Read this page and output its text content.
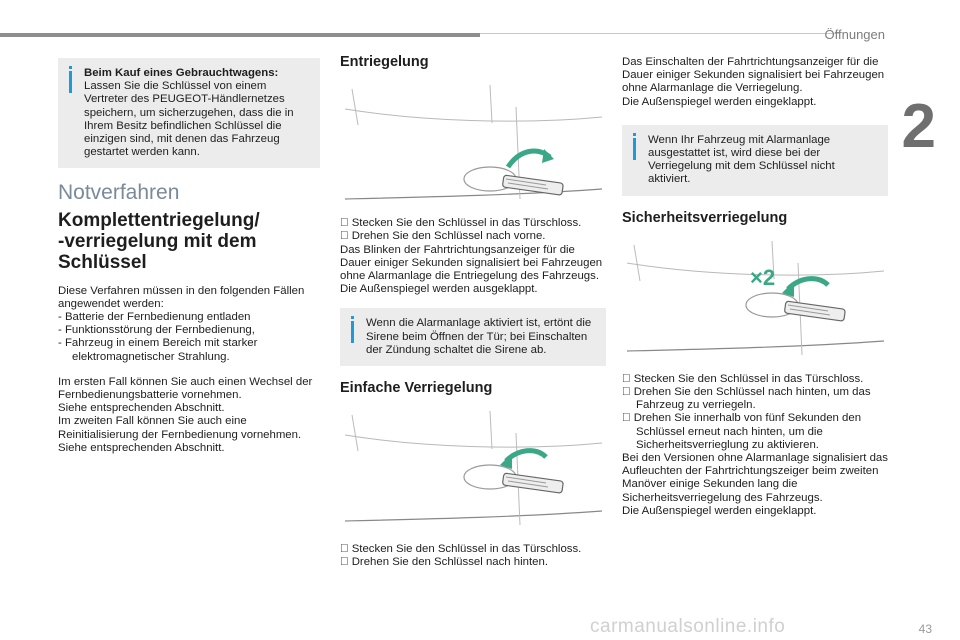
Öffnungen
2
Beim Kauf eines Gebrauchtwagens:
Lassen Sie die Schlüssel von einem Vertreter des PEUGEOT-Händlernetzes speichern, um sicherzugehen, dass die in Ihrem Besitz befindlichen Schlüssel die einzigen sind, mit denen das Fahrzeug gestartet werden kann.
Notverfahren
Komplettentriegelung/
-verriegelung mit dem
Schlüssel

Diese Verfahren müssen in den folgenden Fällen angewendet werden:

- Batterie der Fernbedienung entladen

- Funktionsstörung der Fernbedienung,

- Fahrzeug in einem Bereich mit starker elektromagnetischer Strahlung.

Im ersten Fall können Sie auch einen Wechsel der Fernbedienungsbatterie vornehmen.

Siehe entsprechenden Abschnitt.

Im zweiten Fall können Sie auch eine Reinitialisierung der Fernbedienung vornehmen.

Siehe entsprechenden Abschnitt.

Entriegelung

Stecken Sie den Schlüssel in das Türschloss.

Drehen Sie den Schlüssel nach vorne.

Das Blinken der Fahrtrichtungsanzeiger für die Dauer einiger Sekunden signalisiert bei Fahrzeugen ohne Alarmanlage die Entriegelung des Fahrzeugs.

Die Außenspiegel werden ausgeklappt.

Wenn die Alarmanlage aktiviert ist, ertönt die Sirene beim Öffnen der Tür; bei Einschalten der Zündung schaltet die Sirene ab.
Einfache Verriegelung

Stecken Sie den Schlüssel in das Türschloss.

Drehen Sie den Schlüssel nach hinten.

Das Einschalten der Fahrtrichtungsanzeiger für die Dauer einiger Sekunden signalisiert bei Fahrzeugen ohne Alarmanlage die Verriegelung.

Die Außenspiegel werden eingeklappt.

Wenn Ihr Fahrzeug mit Alarmanlage ausgestattet ist, wird diese bei der Verriegelung mit dem Schlüssel nicht aktiviert.
Sicherheitsverriegelung
×2

Stecken Sie den Schlüssel in das Türschloss.

Drehen Sie den Schlüssel nach hinten, um das Fahrzeug zu verriegeln.

Drehen Sie innerhalb von fünf Sekunden den Schlüssel erneut nach hinten, um die Sicherheitsverrieglung zu aktivieren.

Bei den Versionen ohne Alarmanlage signalisiert das Aufleuchten der Fahrtrichtungszeiger beim zweiten Manöver einige Sekunden lang die Sicherheitsverriegelung des Fahrzeugs.

Die Außenspiegel werden eingeklappt.

carmanualsonline.info	43
